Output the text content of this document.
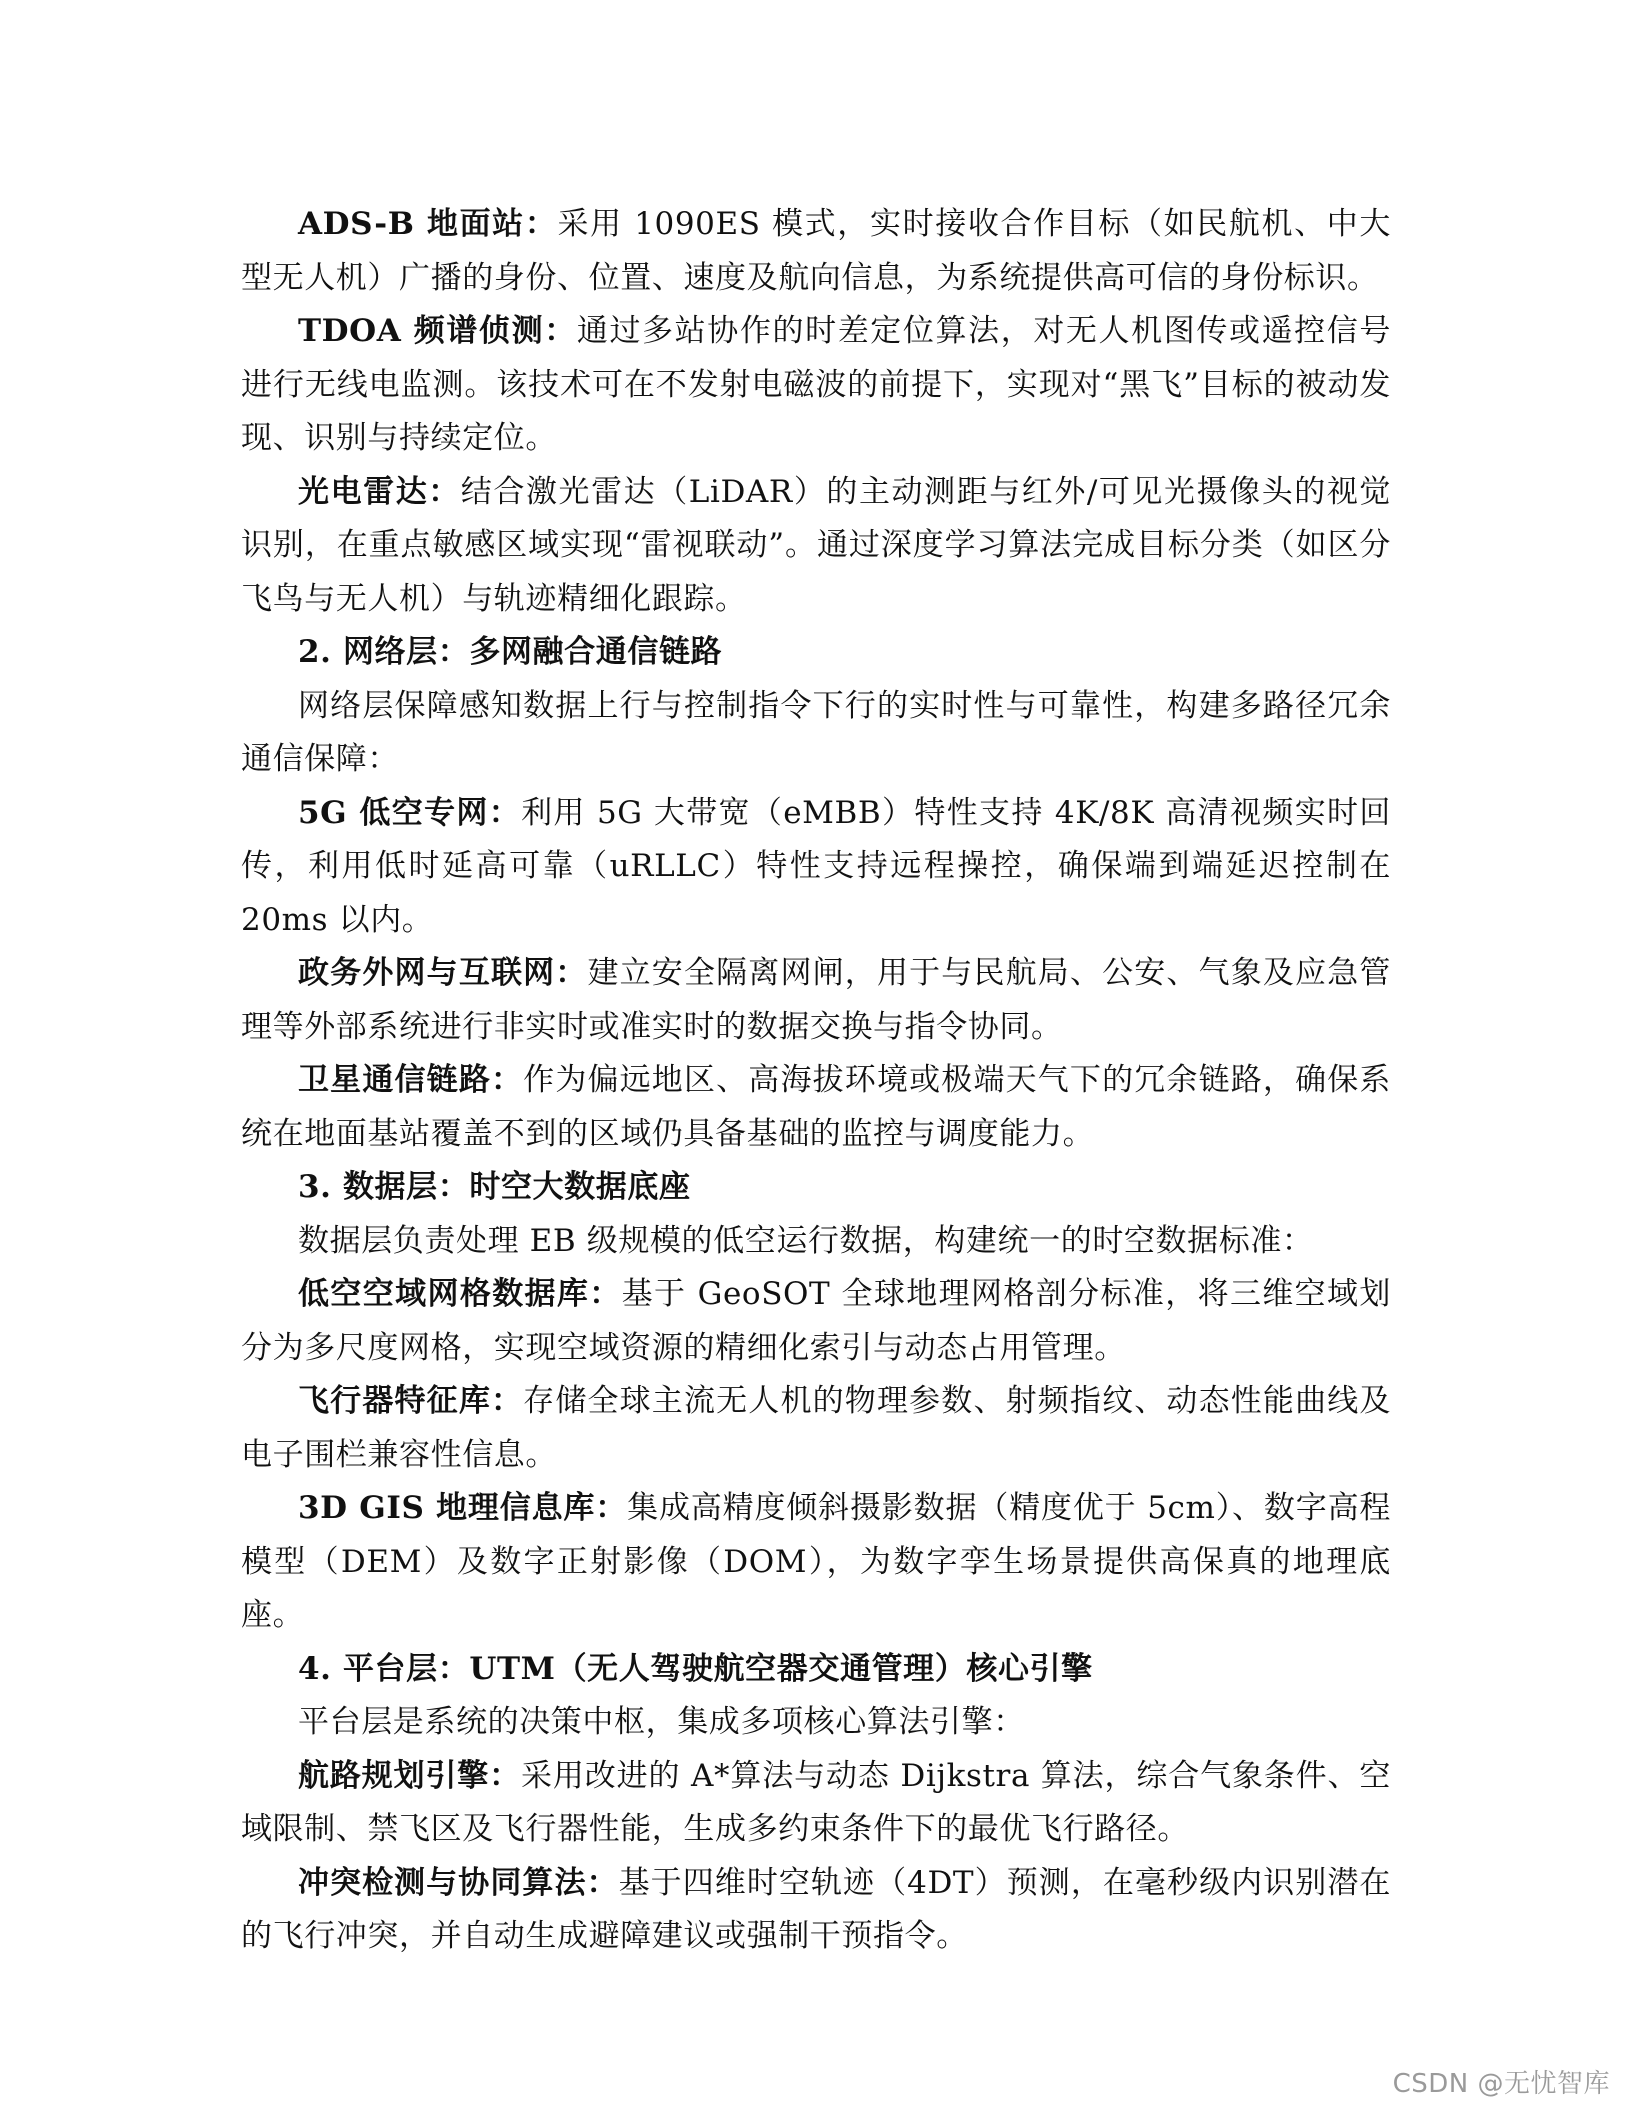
ADS-B 地面站：采用 1090ES 模式，实时接收合作目标（如民航机、中大型无人机）广播的身份、位置、速度及航向信息，为系统提供高可信的身份标识。

TDOA 频谱侦测：通过多站协作的时差定位算法，对无人机图传或遥控信号进行无线电监测。该技术可在不发射电磁波的前提下，实现对“黑飞”目标的被动发现、识别与持续定位。

光电雷达：结合激光雷达（LiDAR）的主动测距与红外/可见光摄像头的视觉识别，在重点敏感区域实现“雷视联动”。通过深度学习算法完成目标分类（如区分飞鸟与无人机）与轨迹精细化跟踪。

2. 网络层：多网融合通信链路

网络层保障感知数据上行与控制指令下行的实时性与可靠性，构建多路径冗余通信保障：

5G 低空专网：利用 5G 大带宽（eMBB）特性支持 4K/8K 高清视频实时回传，利用低时延高可靠（uRLLC）特性支持远程操控，确保端到端延迟控制在 20ms 以内。

政务外网与互联网：建立安全隔离网闸，用于与民航局、公安、气象及应急管理等外部系统进行非实时或准实时的数据交换与指令协同。

卫星通信链路：作为偏远地区、高海拔环境或极端天气下的冗余链路，确保系统在地面基站覆盖不到的区域仍具备基础的监控与调度能力。

3. 数据层：时空大数据底座

数据层负责处理 EB 级规模的低空运行数据，构建统一的时空数据标准：

低空空域网格数据库：基于 GeoSOT 全球地理网格剖分标准，将三维空域划分为多尺度网格，实现空域资源的精细化索引与动态占用管理。

飞行器特征库：存储全球主流无人机的物理参数、射频指纹、动态性能曲线及电子围栏兼容性信息。

3D GIS 地理信息库：集成高精度倾斜摄影数据（精度优于 5cm）、数字高程模型（DEM）及数字正射影像（DOM），为数字孪生场景提供高保真的地理底座。

4. 平台层：UTM（无人驾驶航空器交通管理）核心引擎

平台层是系统的决策中枢，集成多项核心算法引擎：

航路规划引擎：采用改进的 A*算法与动态 Dijkstra 算法，综合气象条件、空域限制、禁飞区及飞行器性能，生成多约束条件下的最优飞行路径。

冲突检测与协同算法：基于四维时空轨迹（4DT）预测，在毫秒级内识别潜在的飞行冲突，并自动生成避障建议或强制干预指令。

CSDN @无忧智库
